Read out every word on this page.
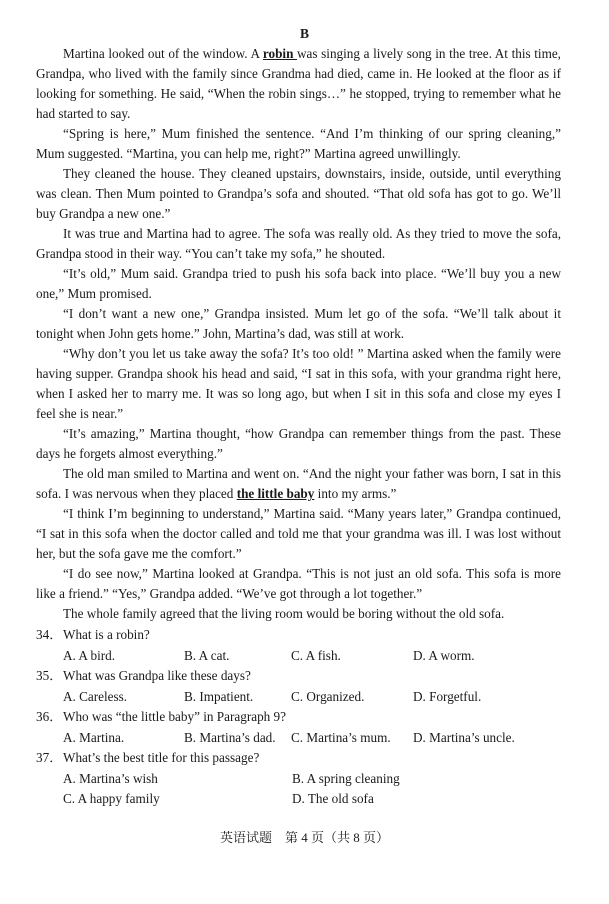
B

Martina looked out of the window. A robin was singing a lively song in the tree. At this time, Grandpa, who lived with the family since Grandma had died, came in. He looked at the floor as if looking for something. He said, “When the robin sings…” he stopped, trying to remember what he had started to say.

“Spring is here,” Mum finished the sentence. “And I’m thinking of our spring cleaning,” Mum suggested. “Martina, you can help me, right?” Martina agreed unwillingly.

They cleaned the house. They cleaned upstairs, downstairs, inside, outside, until everything was clean. Then Mum pointed to Grandpa’s sofa and shouted. “That old sofa has got to go. We’ll buy Grandpa a new one.”

It was true and Martina had to agree. The sofa was really old. As they tried to move the sofa, Grandpa stood in their way. “You can’t take my sofa,” he shouted.

“It’s old,” Mum said. Grandpa tried to push his sofa back into place. “We’ll buy you a new one,” Mum promised.

“I don’t want a new one,” Grandpa insisted. Mum let go of the sofa. “We’ll talk about it tonight when John gets home.” John, Martina’s dad, was still at work.

“Why don’t you let us take away the sofa? It’s too old! ” Martina asked when the family were having supper. Grandpa shook his head and said, “I sat in this sofa, with your grandma right here, when I asked her to marry me. It was so long ago, but when I sit in this sofa and close my eyes I feel she is near.”

“It’s amazing,” Martina thought, “how Grandpa can remember things from the past. These days he forgets almost everything.”

The old man smiled to Martina and went on. “And the night your father was born, I sat in this sofa. I was nervous when they placed the little baby into my arms.”

“I think I’m beginning to understand,” Martina said. “Many years later,” Grandpa continued, “I sat in this sofa when the doctor called and told me that your grandma was ill. I was lost without her, but the sofa gave me the comfort.”

“I do see now,” Martina looked at Grandpa. “This is not just an old sofa. This sofa is more like a friend.” “Yes,” Grandpa added. “We’ve got through a lot together.”

The whole family agreed that the living room would be boring without the old sofa.

34．What is a robin?
A. A bird.	B. A cat.	C. A fish.	D. A worm.
35．What was Grandpa like these days?
A. Careless.	B. Impatient.	C. Organized.	D. Forgetful.
36．Who was “the little baby” in Paragraph 9?
A. Martina.	B. Martina’s dad.	C. Martina’s mum.	D. Martina’s uncle.
37．What’s the best title for this passage?
A. Martina’s wish	B. A spring cleaning
C. A happy family	D. The old sofa
英语试题　第 4 页（共 8 页）
